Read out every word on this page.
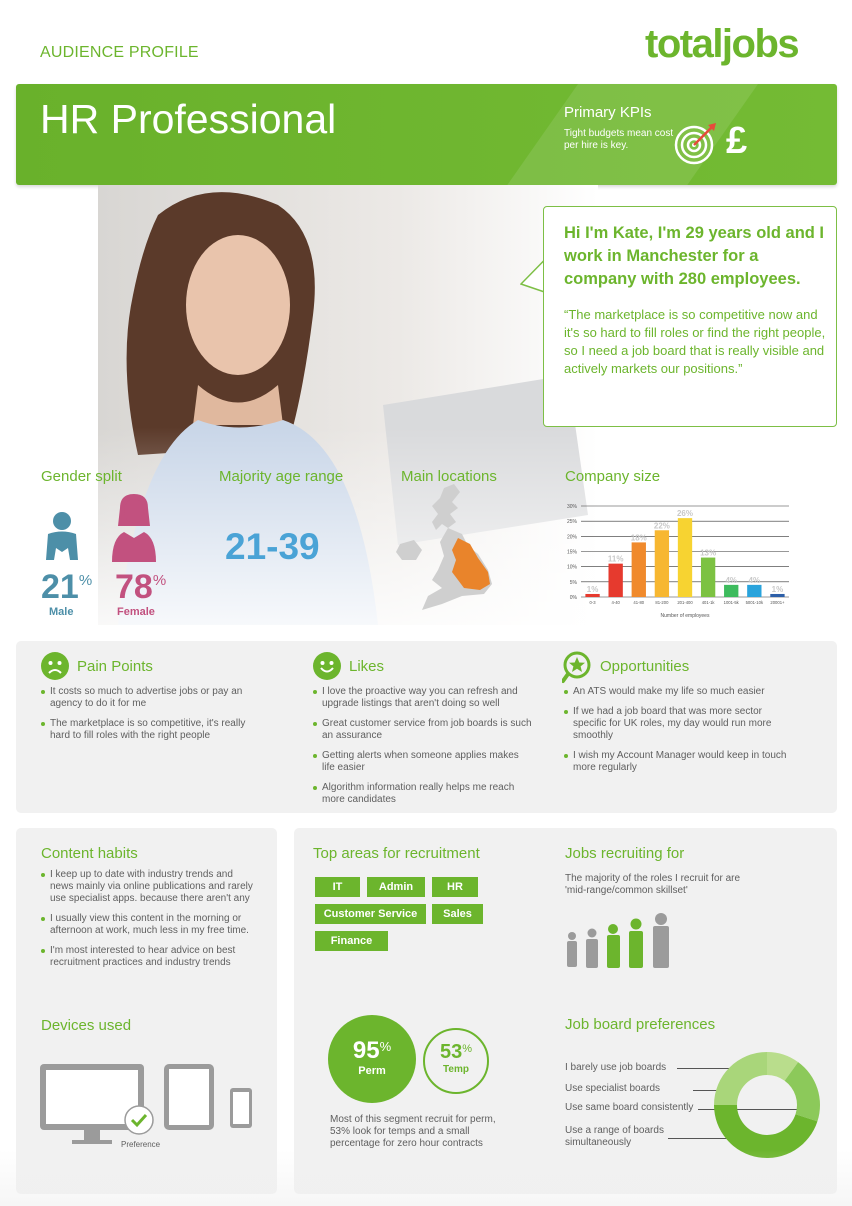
AUDIENCE PROFILE	totaljobs
HR Professional	Primary KPIs
Tight budgets mean cost per hire is key.	£
Hi I'm Kate, I'm 29 years old and I work in Manchester for a company with 280 employees.
“The marketplace is so competitive now and it's so hard to fill roles or find the right people, so I need a job board that is really visible and actively markets our positions.”
Gender split	Majority age range	Main locations	Company size
21% 78%
Male	Female
21-39
0%
5%
10%
15%
20%
25%
30%
1%
0-3
11%
4-40
18%
41-80
22%
81-200
26%
201-400
13%
401-1k
4%
1001-5k
4%
5001-10k
1%
20001+
Number of employees
Pain Points
It costs so much to advertise jobs or pay an agency to do it for me
The marketplace is so competitive, it's really hard to fill roles with the right people
Likes
I love the proactive way you can refresh and upgrade listings that aren't doing so well
Great customer service from job boards is such an assurance
Getting alerts when someone applies makes life easier
Algorithm information really helps me reach more candidates
Opportunities
An ATS would make my life so much easier
If we had a job board that was more sector specific for UK roles, my day would run more smoothly
I wish my Account Manager would keep in touch more regularly
Content habits
I keep up to date with industry trends and news mainly via online publications and rarely use specialist apps. because there aren't any
I usually view this content in the morning or afternoon at work, much less in my free time.
I'm most interested to hear advice on best recruitment practices and industry trends
Devices used
Preference
Top areas for recruitment
IT	Admin	HR
Customer Service	Sales
Finance
95%
Perm
53%
Temp
Most of this segment recruit for perm, 53% look for temps and a small percentage for zero hour contracts
Jobs recruiting for
The majority of the roles I recruit for are 'mid-range/common skillset'
Job board preferences
I barely use job boards
Use specialist boards
Use same board consistently
Use a range of boards simultaneously
